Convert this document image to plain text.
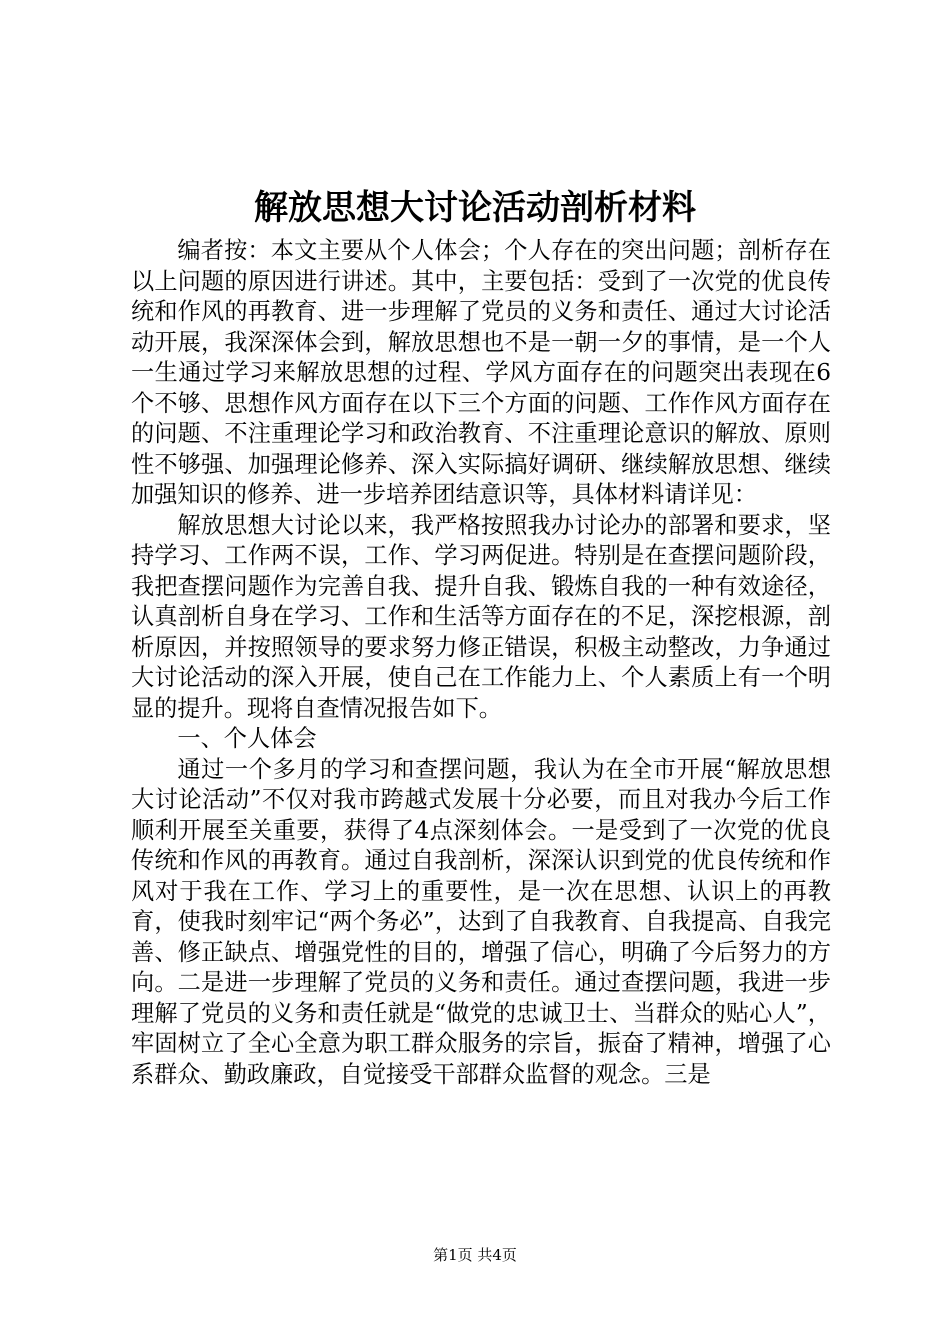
解放思想大讨论活动剖析材料

编者按：本文主要从个人体会；个人存在的突出问题；剖析存在以上问题的原因进行讲述。其中，主要包括：受到了一次党的优良传统和作风的再教育、进一步理解了党员的义务和责任、通过大讨论活动开展，我深深体会到，解放思想也不是一朝一夕的事情，是一个人一生通过学习来解放思想的过程、学风方面存在的问题突出表现在6个不够、思想作风方面存在以下三个方面的问题、工作作风方面存在的问题、不注重理论学习和政治教育、不注重理论意识的解放、原则性不够强、加强理论修养、深入实际搞好调研、继续解放思想、继续加强知识的修养、进一步培养团结意识等，具体材料请详见：

解放思想大讨论以来，我严格按照我办讨论办的部署和要求，坚持学习、工作两不误，工作、学习两促进。特别是在查摆问题阶段，我把查摆问题作为完善自我、提升自我、锻炼自我的一种有效途径，认真剖析自身在学习、工作和生活等方面存在的不足，深挖根源，剖析原因，并按照领导的要求努力修正错误，积极主动整改，力争通过大讨论活动的深入开展，使自己在工作能力上、个人素质上有一个明显的提升。现将自查情况报告如下。

一、个人体会

通过一个多月的学习和查摆问题，我认为在全市开展“解放思想大讨论活动”不仅对我市跨越式发展十分必要，而且对我办今后工作顺利开展至关重要，获得了4点深刻体会。一是受到了一次党的优良传统和作风的再教育。通过自我剖析，深深认识到党的优良传统和作风对于我在工作、学习上的重要性，是一次在思想、认识上的再教育，使我时刻牢记“两个务必”，达到了自我教育、自我提高、自我完善、修正缺点、增强党性的目的，增强了信心，明确了今后努力的方向。二是进一步理解了党员的义务和责任。通过查摆问题，我进一步理解了党员的义务和责任就是“做党的忠诚卫士、当群众的贴心人”，牢固树立了全心全意为职工群众服务的宗旨，振奋了精神，增强了心系群众、勤政廉政，自觉接受干部群众监督的观念。三是

第1页 共4页
